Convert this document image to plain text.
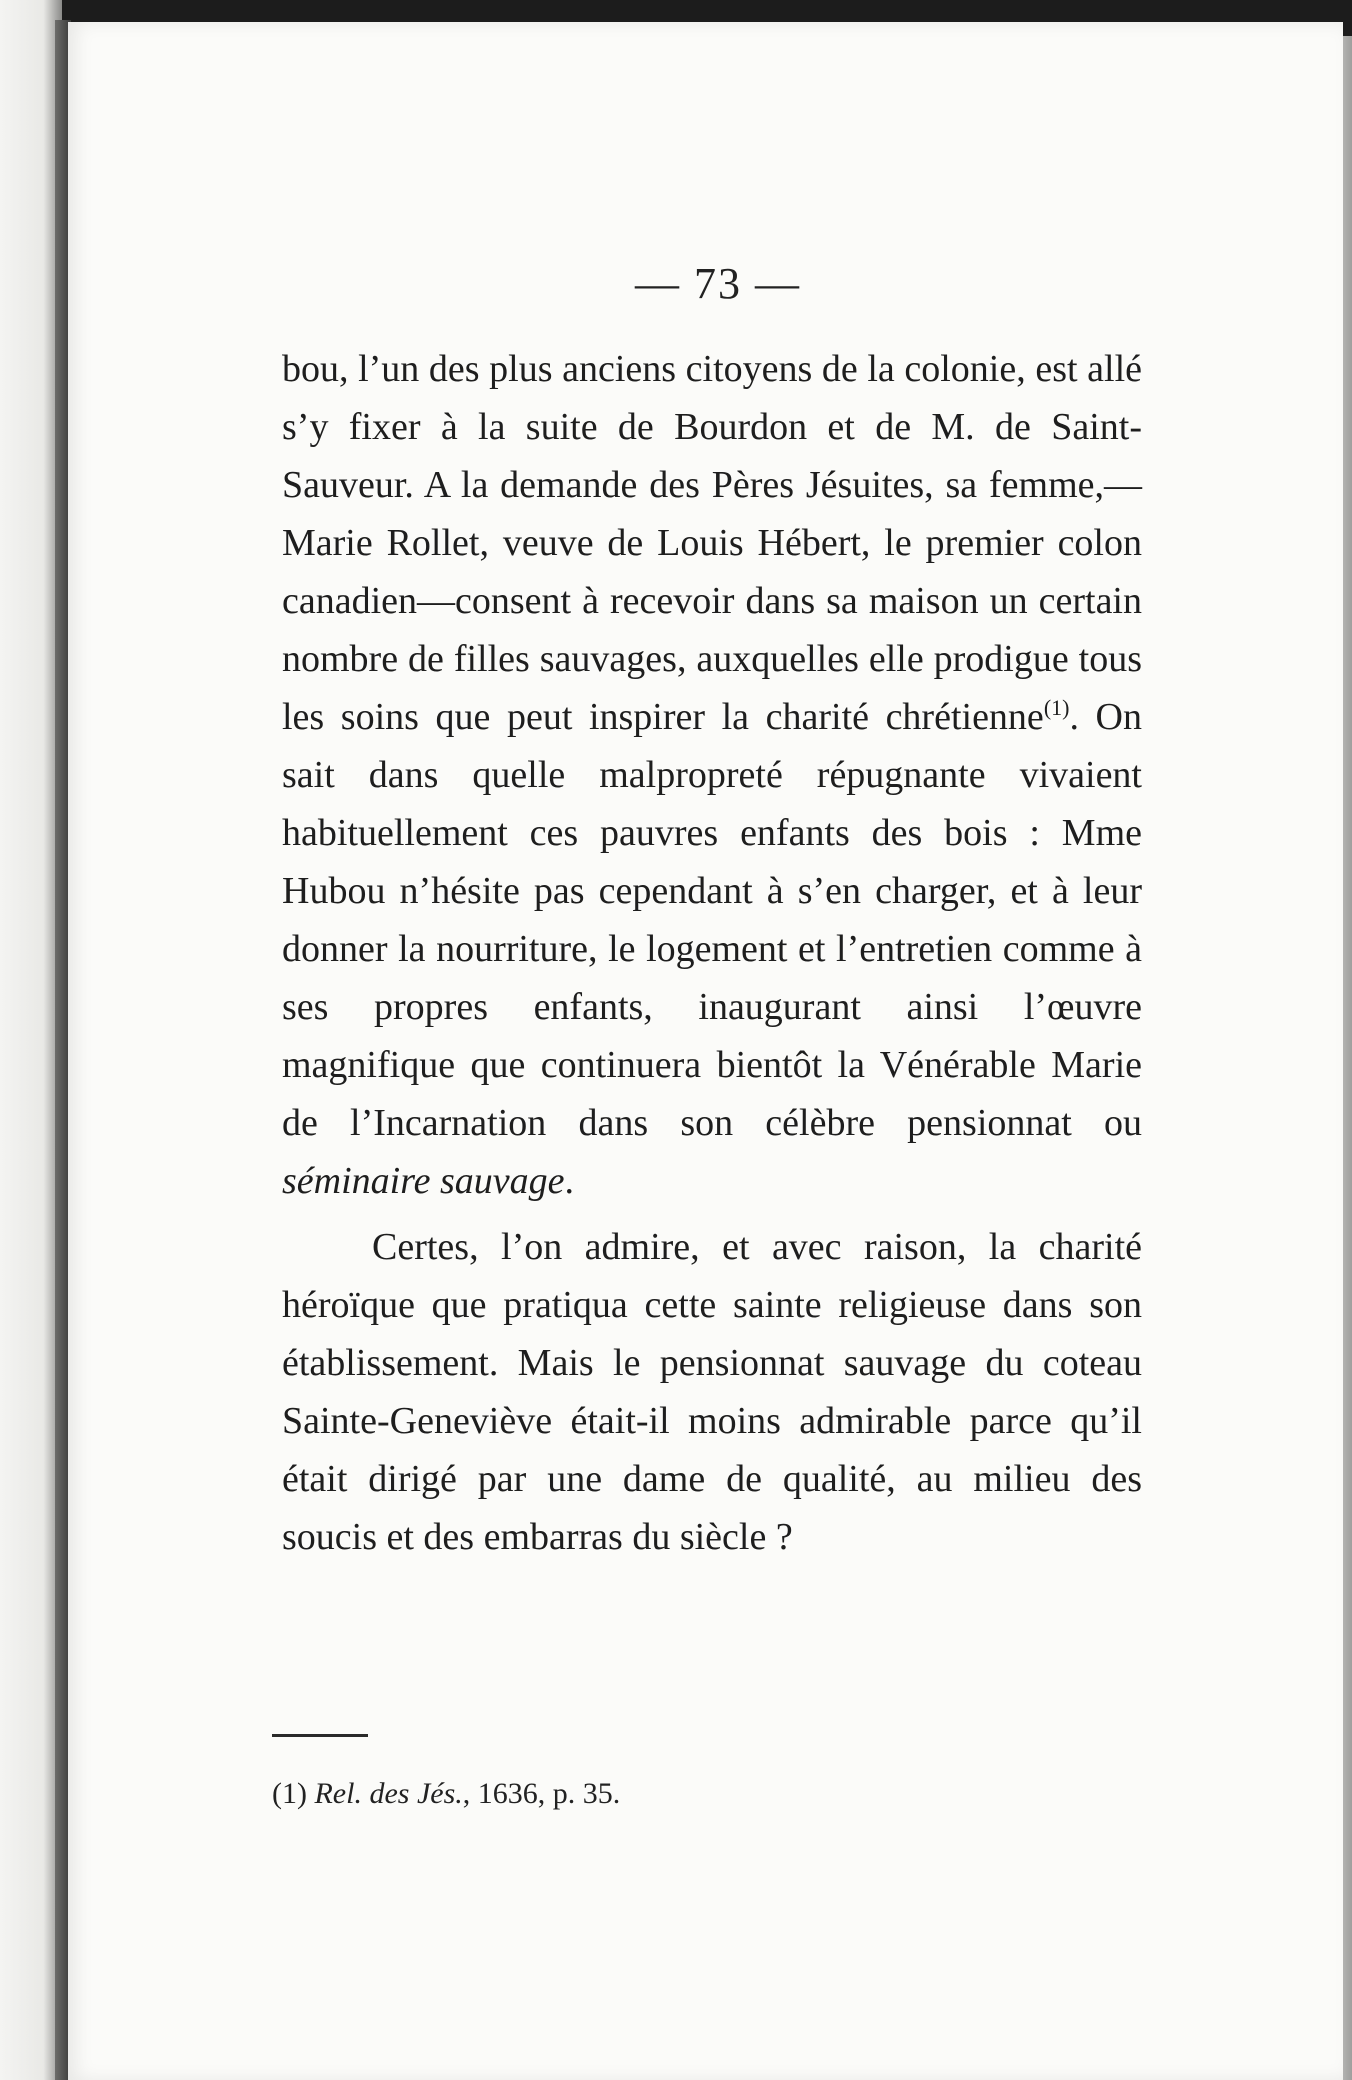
— 73 —

bou, l’un des plus anciens citoyens de la colonie, est allé s’y fixer à la suite de Bourdon et de M. de Saint-Sauveur. A la demande des Pères Jésuites, sa femme,—Marie Rollet, veuve de Louis Hébert, le premier colon canadien—consent à recevoir dans sa maison un certain nombre de filles sauvages, auxquelles elle prodigue tous les soins que peut inspirer la charité chrétienne$^{(1)}$. On sait dans quelle malpropreté répugnante vivaient habituellement ces pauvres enfants des bois : Mme Hubou n’hésite pas cependant à s’en charger, et à leur donner la nourriture, le logement et l’entretien comme à ses propres enfants, inaugurant ainsi l’œuvre magnifique que continuera bientôt la Vénérable Marie de l’Incarnation dans son célèbre pensionnat ou séminaire sauvage.

Certes, l’on admire, et avec raison, la charité héroïque que pratiqua cette sainte religieuse dans son établissement. Mais le pensionnat sauvage du coteau Sainte-Geneviève était-il moins admirable parce qu’il était dirigé par une dame de qualité, au milieu des soucis et des embarras du siècle ?

(1) Rel. des Jés., 1636, p. 35.
